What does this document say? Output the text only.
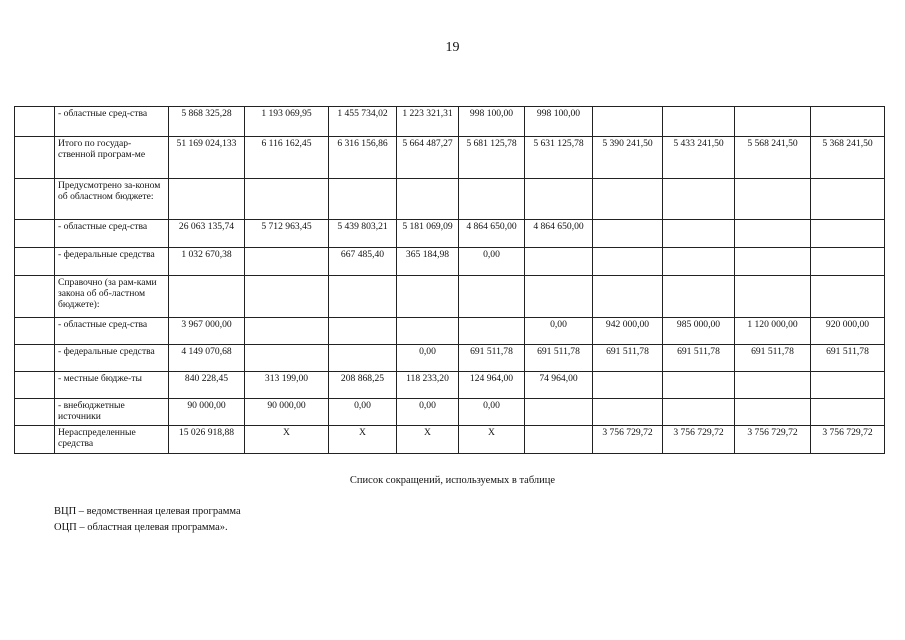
19
	- областные сред-ства	5 868 325,28	1 193 069,95	1 455 734,02	1 223 321,31	998 100,00	998 100,00				
	Итого по государ-ственной програм-ме	51 169 024,133	6 116 162,45	6 316 156,86	5 664 487,27	5 681 125,78	5 631 125,78	5 390 241,50	5 433 241,50	5 568 241,50	5 368 241,50
	Предусмотрено за-коном об областном бюджете:										
	- областные сред-ства	26 063 135,74	5 712 963,45	5 439 803,21	5 181 069,09	4 864 650,00	4 864 650,00				
	- федеральные средства	1 032 670,38		667 485,40	365 184,98	0,00					
	Справочно (за рам-ками закона об об-ластном бюджете):										
	- областные сред-ства	3 967 000,00					0,00	942 000,00	985 000,00	1 120 000,00	920 000,00
	- федеральные средства	4 149 070,68			0,00	691 511,78	691 511,78	691 511,78	691 511,78	691 511,78	691 511,78
	- местные бюдже-ты	840 228,45	313 199,00	208 868,25	118 233,20	124 964,00	74 964,00				
	- внебюджетные источники	90 000,00	90 000,00	0,00	0,00	0,00					
	Нераспределенные средства	15 026 918,88	Х	Х	Х	Х		3 756 729,72	3 756 729,72	3 756 729,72	3 756 729,72
Список сокращений, используемых в таблице
ВЦП – ведомственная целевая программа
ОЦП – областная целевая программа».
